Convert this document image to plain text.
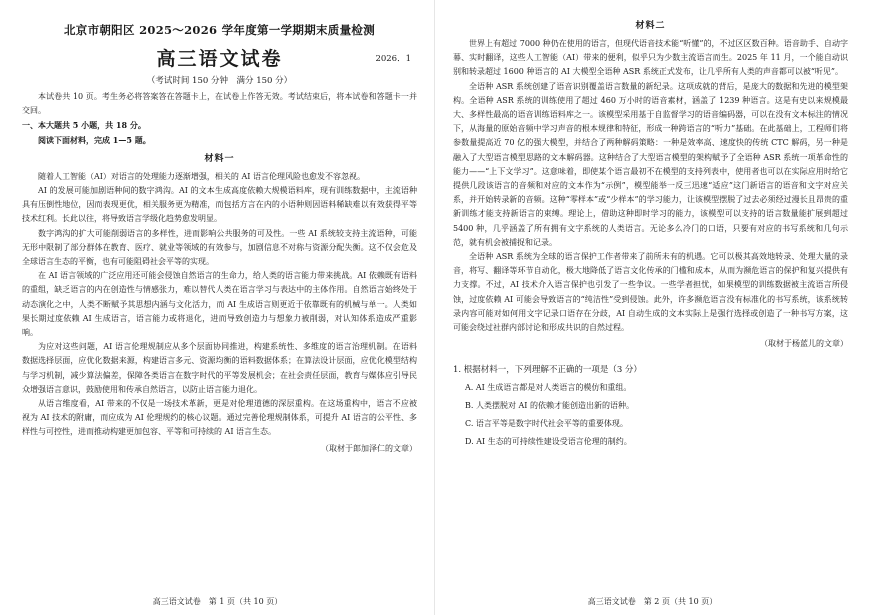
北京市朝阳区 2025～2026 学年度第一学期期末质量检测
高三语文试卷	2026．1
（考试时间 150 分钟　满分 150 分）

本试卷共 10 页。考生务必将答案答在答题卡上，在试卷上作答无效。考试结束后，将本试卷和答题卡一并交回。

一、本大题共 5 小题，共 18 分。

阅读下面材料，完成 1—5 题。

材料一

随着人工智能（AI）对语言的处理能力逐渐增强，相关的 AI 语言伦理风险也愈发不容忽视。

AI 的发展可能加剧语种间的数字鸿沟。AI 的文本生成高度依赖大规模语料库，现有训练数据中，主流语种具有压倒性地位，因而表现更优，相关服务更为精准，而包括方言在内的小语种则因语料稀缺难以有效获得平等技术红利。长此以往，将导致语言学级化趋势愈发明显。

数字鸿沟的扩大可能削弱语言的多样性，进而影响公共服务的可及性。一些 AI 系统较支持主流语种，可能无形中限制了部分群体在教育、医疗、就业等领域的有效参与，加剧信息不对称与资源分配失衡。这不仅会危及全球语言生态的平衡，也有可能阻碍社会平等的实现。

在 AI 语言领域的广泛应用还可能会侵蚀自然语言的生命力，给人类的语言能力带来挑战。AI 依赖既有语料的重组，缺乏语言的内在创造性与情感张力，难以替代人类在语言学习与表达中的主体作用。自然语言始终处于动态演化之中，人类不断赋予其思想内涵与文化活力，而 AI 生成语言则更近于依靠既有的机械与单一。人类如果长期过度依赖 AI 生成语言，语言能力或将退化，进而导致创造力与想象力被削弱，对认知体系造成严重影响。

为应对这些问题，AI 语言伦理规制应从多个层面协同推进，构建系统性、多维度的语言治理机制。在语料数据选择层面，应优化数据来源，构建语言多元、资源均衡的语料数据体系；在算法设计层面，应优化模型结构与学习机制，减少算法偏差，保障各类语言在数字时代的平等发展机会；在社会责任层面，教育与媒体应引导民众增强语言意识，鼓励使用和传承自然语言，以防止语言能力退化。

从语言维度看，AI 带来的不仅是一场技术革新，更是对伦理道德的深层重构。在这场重构中，语言不应被视为 AI 技术的附庸，而应成为 AI 伦理规约的核心议题。通过完善伦理规制体系，可提升 AI 语言的公平性、多样性与可控性，进而推动构建更加包容、平等和可持续的 AI 语言生态。

（取材于郎加泽仁的文章）
高三语文试卷　第 1 页（共 10 页）
材料二

世界上有超过 7000 种仍在使用的语言，但现代语音技术能“听懂”的，不过区区数百种。语音助手、自动字幕、实时翻译，这些人工智能（AI）带来的便利，似乎只为少数主流语言而生。2025 年 11 月，一个能自动识别和转录超过 1600 种语言的 AI 大模型全语种 ASR 系统正式发布，让几乎所有人类的声音都可以被“听见”。

全语种 ASR 系统创建了语音识别覆盖语言数量的新纪录。这项成就的背后，是庞大的数据和先进的模型架构。全语种 ASR 系统的训练使用了超过 460 万小时的语音素材，涵盖了 1239 种语言。这是有史以来规模最大、多样性最高的语音训练语料库之一。该模型采用基于自监督学习的语音编码器，可以在没有文本标注的情况下，从海量的原始音频中学习声音的根本规律和特征，形成一种跨语言的“听力”基础。在此基础上，工程师们将参数量提高近 70 亿的强大模型，并结合了两种解码策略：一种是效率高、速度快的传统 CTC 解码，另一种是融入了大型语言模型思路的文本解码器。这种结合了大型语言模型的架构赋予了全语种 ASR 系统一项革命性的能力——“上下文学习”。这意味着，即使某个语言最初不在模型的支持列表中，使用者也可以在实际应用时给它提供几段该语言的音频和对应的文本作为“示例”，模型能举一反三迅速“适应”这门新语言的语音和文字对应关系，并开始转录新的音频。这种“零样本”或“少样本”的学习能力，让该模型摆脱了过去必须经过漫长且昂贵的重新训练才能支持新语言的束缚。理论上，借助这种即时学习的能力，该模型可以支持的语言数量能扩展到超过 5400 种，几乎涵盖了所有拥有文字系统的人类语言。无论多么冷门的口语，只要有对应的书写系统和几句示范，就有机会被捕捉和记录。

全语种 ASR 系统为全球的语言保护工作者带来了前所未有的机遇。它可以极其高效地转录、处理大量的录音，将写、翻译等环节自动化，极大地降低了语言文化传承的门槛和成本，从而为濒危语言的保护和复兴提供有力支撑。不过，AI 技术介入语言保护也引发了一些争议。一些学者担忧，如果模型的训练数据被主流语言所侵蚀，过度依赖 AI 可能会导致语言的“纯洁性”受到侵蚀。此外，许多濒危语言没有标准化的书写系统，该系统转录内容可能对如何用文字记录口语存在分歧，AI 自动生成的文本实际上是强行选择或创造了一种书写方案，这可能会绕过社群内部讨论和形成共识的自然过程。

（取材于杨蓝儿的文章）
1. 根据材料一，下列理解不正确的一项是（3 分）
A. AI 生成语言都是对人类语言的模仿和重组。
B. 人类摆脱对 AI 的依赖才能创造出新的语种。
C. 语言平等是数字时代社会平等的重要体现。
D. AI 生态的可持续性建设受语言伦理的制约。
高三语文试卷　第 2 页（共 10 页）
